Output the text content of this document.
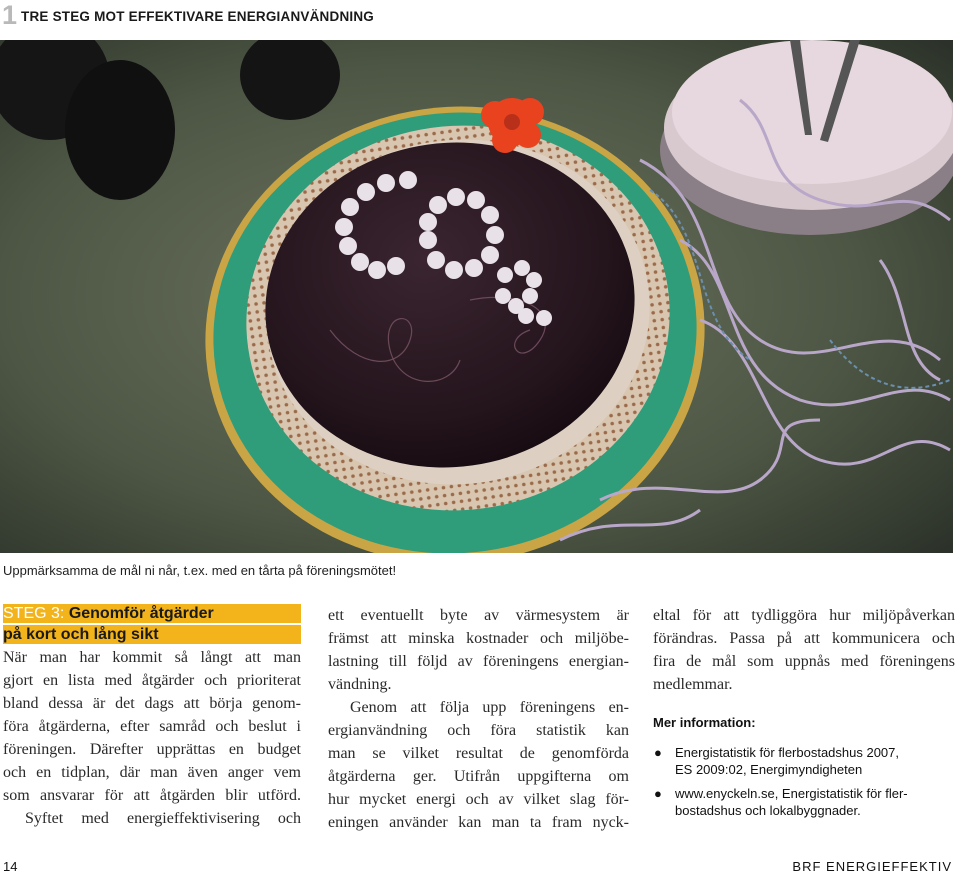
1 TRE STEG MOT EFFEKTIVARE ENERGIANVÄNDNING
Uppmärksamma de mål ni når, t.ex. med en tårta på föreningsmötet!
STEG 3: Genomför åtgärder
på kort och lång sikt
När man har kommit så långt att man
gjort en lista med åtgärder och prioriterat
bland dessa är det dags att börja genom-
föra åtgärderna, efter samråd och beslut i
föreningen. Därefter upprättas en budget
och en tidplan, där man även anger vem
som ansvarar för att åtgärden blir utförd.
Syftet med energieffektivisering och
ett eventuellt byte av värmesystem är
främst att minska kostnader och miljöbe-
lastning till följd av föreningens energian-
vändning.
Genom att följa upp föreningens en-
ergianvändning och föra statistik kan
man se vilket resultat de genomförda
åtgärderna ger. Utifrån uppgifterna om
hur mycket energi och av vilket slag för-
eningen använder kan man ta fram nyck-
eltal för att tydliggöra hur miljöpåverkan
förändras. Passa på att kommunicera och
fira de mål som uppnås med föreningens
medlemmar.
Mer information:
● Energistatistik för flerbostadshus 2007,
ES 2009:02, Energimyndigheten
● www.enyckeln.se, Energistatistik för fler-
bostadshus och lokalbyggnader.
14	BRF ENERGIEFFEKTIV
